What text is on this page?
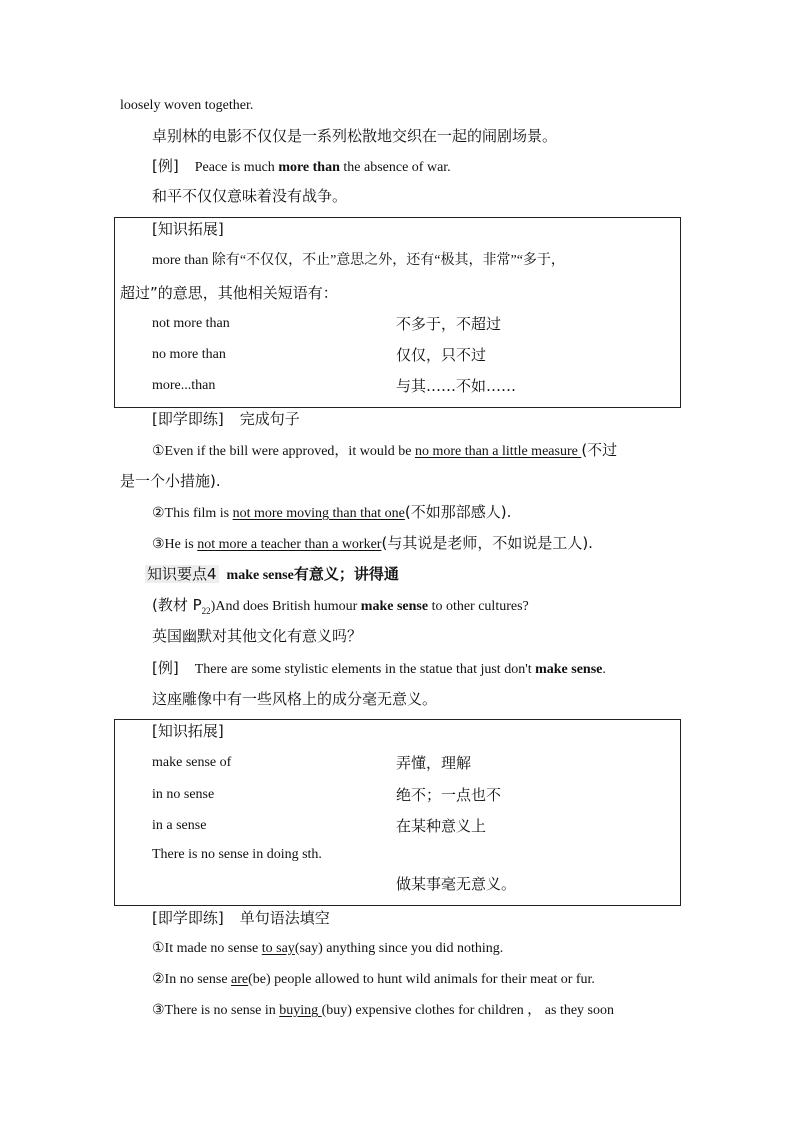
loosely woven together.
卓别林的电影不仅仅是一系列松散地交织在一起的闹剧场景。
[例] Peace is much more than the absence of war.
和平不仅仅意味着没有战争。
[知识拓展]
more than 除有“不仅仅，不止”意思之外，还有“极其，非常”“多于，
超过”的意思，其他相关短语有：
not more than	不多于，不超过
no more than	仅仅，只不过
more...than	与其……不如……
[即学即练] 完成句子
①Even if the bill were approved，it would be no more than a little measure (不过
是一个小措施).
②This film is not more moving than that one(不如那部感人).
③He is not more a teacher than a worker(与其说是老师，不如说是工人).
知识要点4 make sense有意义；讲得通
(教材 $P_{22})And$ does British humour make sense to other cultures?
英国幽默对其他文化有意义吗？
[例] There are some stylistic elements in the statue that just don't make sense.
这座雕像中有一些风格上的成分毫无意义。
[知识拓展]
make sense of	弄懂，理解
in no sense	绝不；一点也不
in a sense	在某种意义上
There is no sense in doing sth.
做某事毫无意义。
[即学即练] 单句语法填空
①It made no sense to say(say) anything since you did nothing.
②In no sense are(be) people allowed to hunt wild animals for their meat or fur.
③There is no sense in buying (buy) expensive clothes for children ， as they soon
